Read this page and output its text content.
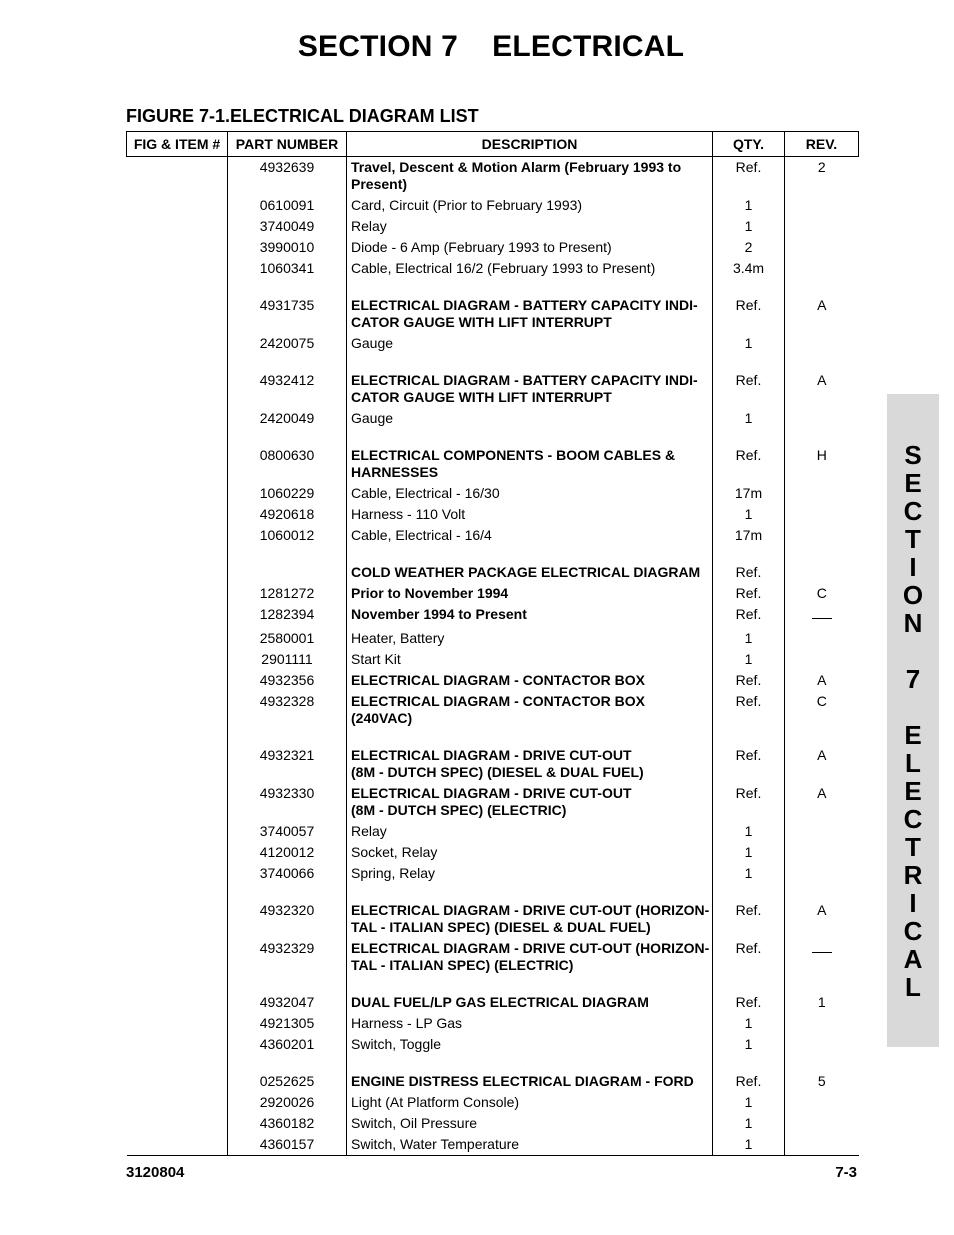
SECTION 7    ELECTRICAL
FIGURE 7-1.ELECTRICAL DIAGRAM LIST
FIG & ITEM #	PART NUMBER	DESCRIPTION	QTY.	REV.
	4932639	Travel, Descent & Motion Alarm (February 1993 to Present)	Ref.	2
	0610091	Card, Circuit (Prior to February 1993)	1	
	3740049	Relay	1	
	3990010	Diode - 6 Amp (February 1993 to Present)	2	
	1060341	Cable, Electrical 16/2 (February 1993 to Present)	3.4m	

	4931735	ELECTRICAL DIAGRAM - BATTERY CAPACITY INDI-CATOR GAUGE WITH LIFT INTERRUPT	Ref.	A
	2420075	Gauge	1	

	4932412	ELECTRICAL DIAGRAM - BATTERY CAPACITY INDI-CATOR GAUGE WITH LIFT INTERRUPT	Ref.	A
	2420049	Gauge	1	

	0800630	ELECTRICAL COMPONENTS - BOOM CABLES & HARNESSES	Ref.	H
	1060229	Cable, Electrical - 16/30	17m	
	4920618	Harness - 110 Volt	1	
	1060012	Cable, Electrical - 16/4	17m	

		COLD WEATHER PACKAGE ELECTRICAL DIAGRAM	Ref.	
	1281272	Prior to November 1994	Ref.	C
	1282394	November 1994 to Present	Ref.	

	2580001	Heater, Battery	1	
	2901111	Start Kit	1	
	4932356	ELECTRICAL DIAGRAM - CONTACTOR BOX	Ref.	A
	4932328	ELECTRICAL DIAGRAM - CONTACTOR BOX (240VAC)	Ref.	C

	4932321	ELECTRICAL DIAGRAM - DRIVE CUT-OUT
(8M - DUTCH SPEC) (DIESEL & DUAL FUEL)	Ref.	A
	4932330	ELECTRICAL DIAGRAM - DRIVE CUT-OUT
(8M - DUTCH SPEC) (ELECTRIC)	Ref.	A
	3740057	Relay	1	
	4120012	Socket, Relay	1	
	3740066	Spring, Relay	1	

	4932320	ELECTRICAL DIAGRAM - DRIVE CUT-OUT (HORIZON-TAL - ITALIAN SPEC) (DIESEL & DUAL FUEL)	Ref.	A
	4932329	ELECTRICAL DIAGRAM - DRIVE CUT-OUT (HORIZON-TAL - ITALIAN SPEC) (ELECTRIC)	Ref.	

	4932047	DUAL FUEL/LP GAS ELECTRICAL DIAGRAM	Ref.	1
	4921305	Harness - LP Gas	1	
	4360201	Switch, Toggle	1	

	0252625	ENGINE DISTRESS ELECTRICAL DIAGRAM - FORD	Ref.	5
	2920026	Light (At Platform Console)	1	
	4360182	Switch, Oil Pressure	1	
	4360157	Switch, Water Temperature	1	
S
E
C
T
I
O
N
7
E
L
E
C
T
R
I
C
A
L
3120804	7-3
